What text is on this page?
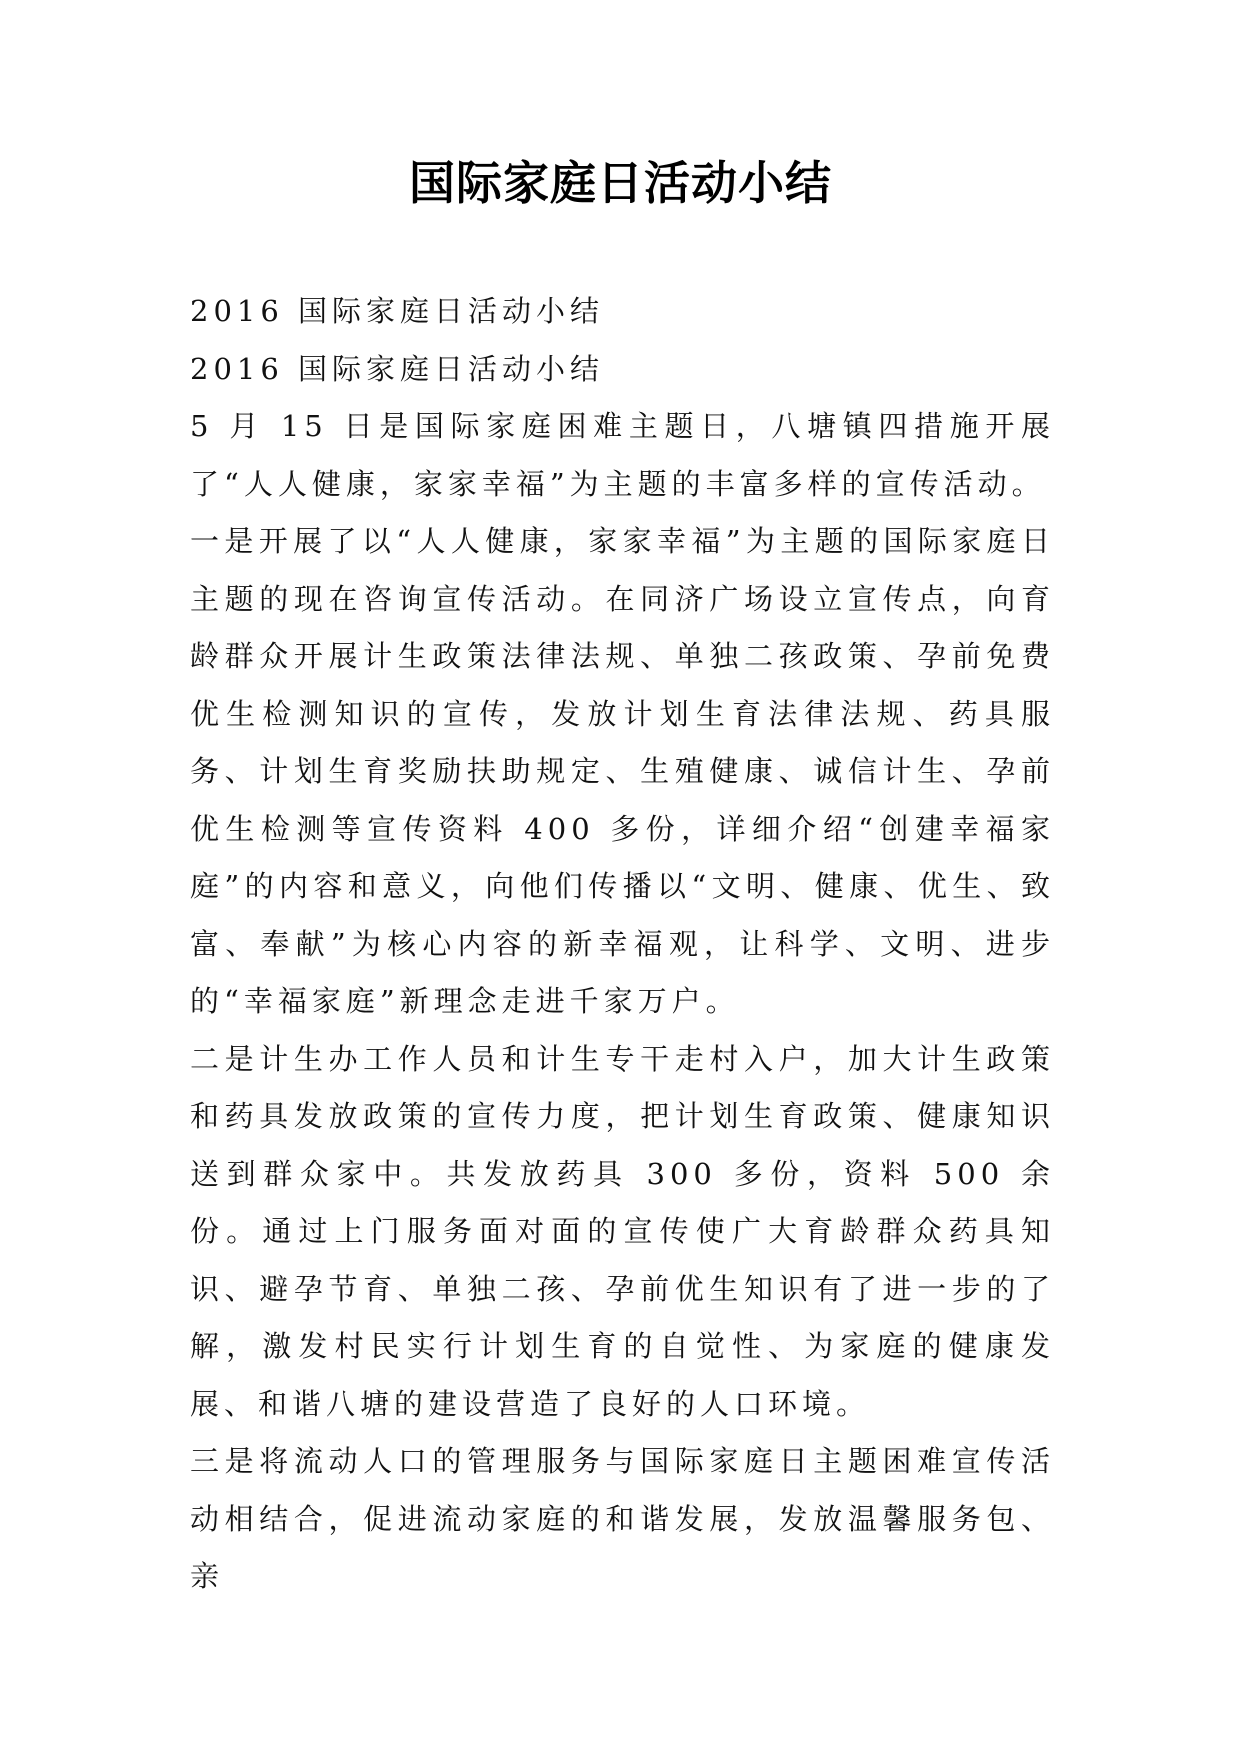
国际家庭日活动小结

2016 国际家庭日活动小结

2016 国际家庭日活动小结

5 月 15 日是国际家庭困难主题日，八塘镇四措施开展了“人人健康，家家幸福”为主题的丰富多样的宣传活动。

一是开展了以“人人健康，家家幸福”为主题的国际家庭日主题的现在咨询宣传活动。在同济广场设立宣传点，向育龄群众开展计生政策法律法规、单独二孩政策、孕前免费优生检测知识的宣传，发放计划生育法律法规、药具服务、计划生育奖励扶助规定、生殖健康、诚信计生、孕前优生检测等宣传资料 400 多份，详细介绍“创建幸福家庭”的内容和意义，向他们传播以“文明、健康、优生、致富、奉献”为核心内容的新幸福观，让科学、文明、进步的“幸福家庭”新理念走进千家万户。

二是计生办工作人员和计生专干走村入户，加大计生政策和药具发放政策的宣传力度，把计划生育政策、健康知识送到群众家中。共发放药具 300 多份，资料 500 余份。通过上门服务面对面的宣传使广大育龄群众药具知识、避孕节育、单独二孩、孕前优生知识有了进一步的了解，激发村民实行计划生育的自觉性、为家庭的健康发展、和谐八塘的建设营造了良好的人口环境。

三是将流动人口的管理服务与国际家庭日主题困难宣传活动相结合，促进流动家庭的和谐发展，发放温馨服务包、亲
